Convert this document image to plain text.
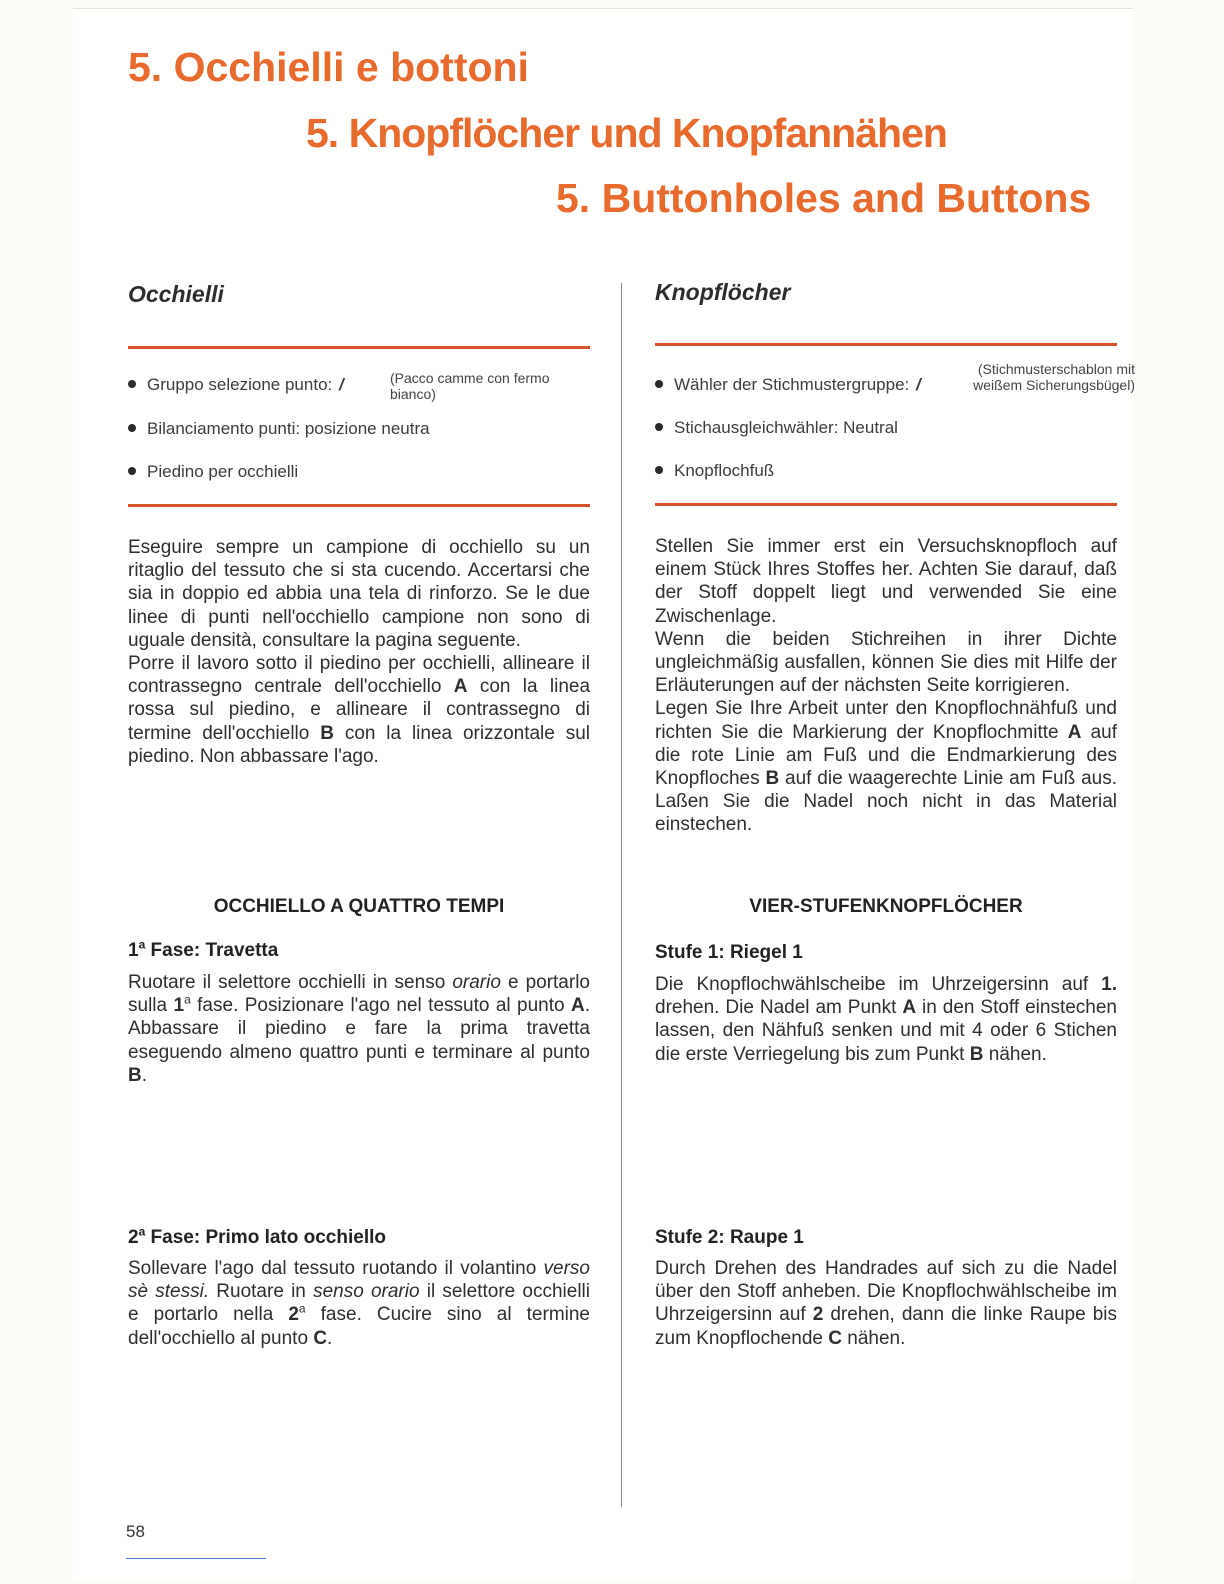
5. Occhielli e bottoni
5. Knopflöcher und Knopfannähen
5. Buttonholes and Buttons
Occhielli
Gruppo selezione punto: /	(Pacco camme con fermo bianco)
Bilanciamento punti: posizione neutra
Piedino per occhielli

Eseguire sempre un campione di occhiello su un ritaglio del tessuto che si sta cucendo. Accertarsi che sia in doppio ed abbia una tela di rinforzo. Se le due linee di punti nell'occhiello campione non sono di uguale densità, consultare la pagina seguente.

Porre il lavoro sotto il piedino per occhielli, allineare il contrassegno centrale dell'occhiello A con la linea rossa sul piedino, e allineare il contrassegno di termine dell'occhiello B con la linea orizzontale sul piedino. Non abbassare l'ago.

OCCHIELLO A QUATTRO TEMPI
1$^a$ Fase: Travetta

Ruotare il selettore occhielli in senso orario e portarlo sulla 1$^a$ fase. Posizionare l'ago nel tessuto al punto A. Abbassare il piedino e fare la prima travetta eseguendo almeno quattro punti e terminare al punto B.

2$^a$ Fase: Primo lato occhiello

Sollevare l'ago dal tessuto ruotando il volantino verso sè stessi. Ruotare in senso orario il selettore occhielli e portarlo nella 2$^a$ fase. Cucire sino al termine dell'occhiello al punto C.

Knopflöcher
Wähler der Stichmustergruppe: /
(Stichmusterschablon mit weißem Sicherungsbügel)
Stichausgleichwähler: Neutral
Knopflochfuß

Stellen Sie immer erst ein Versuchsknopfloch auf einem Stück Ihres Stoffes her. Achten Sie darauf, daß der Stoff doppelt liegt und verwended Sie eine Zwischenlage.

Wenn die beiden Stichreihen in ihrer Dichte ungleichmäßig ausfallen, können Sie dies mit Hilfe der Erläuterungen auf der nächsten Seite korrigieren.

Legen Sie Ihre Arbeit unter den Knopflochnähfuß und richten Sie die Markierung der Knopflochmitte A auf die rote Linie am Fuß und die Endmarkierung des Knopfloches B auf die waagerechte Linie am Fuß aus. Laßen Sie die Nadel noch nicht in das Material einstechen.

VIER-STUFENKNOPFLÖCHER
Stufe 1: Riegel 1

Die Knopflochwählscheibe im Uhrzeigersinn auf 1. drehen. Die Nadel am Punkt A in den Stoff einstechen lassen, den Nähfuß senken und mit 4 oder 6 Stichen die erste Verriegelung bis zum Punkt B nähen.

Stufe 2: Raupe 1

Durch Drehen des Handrades auf sich zu die Nadel über den Stoff anheben. Die Knopflochwählscheibe im Uhrzeigersinn auf 2 drehen, dann die linke Raupe bis zum Knopflochende C nähen.

58
